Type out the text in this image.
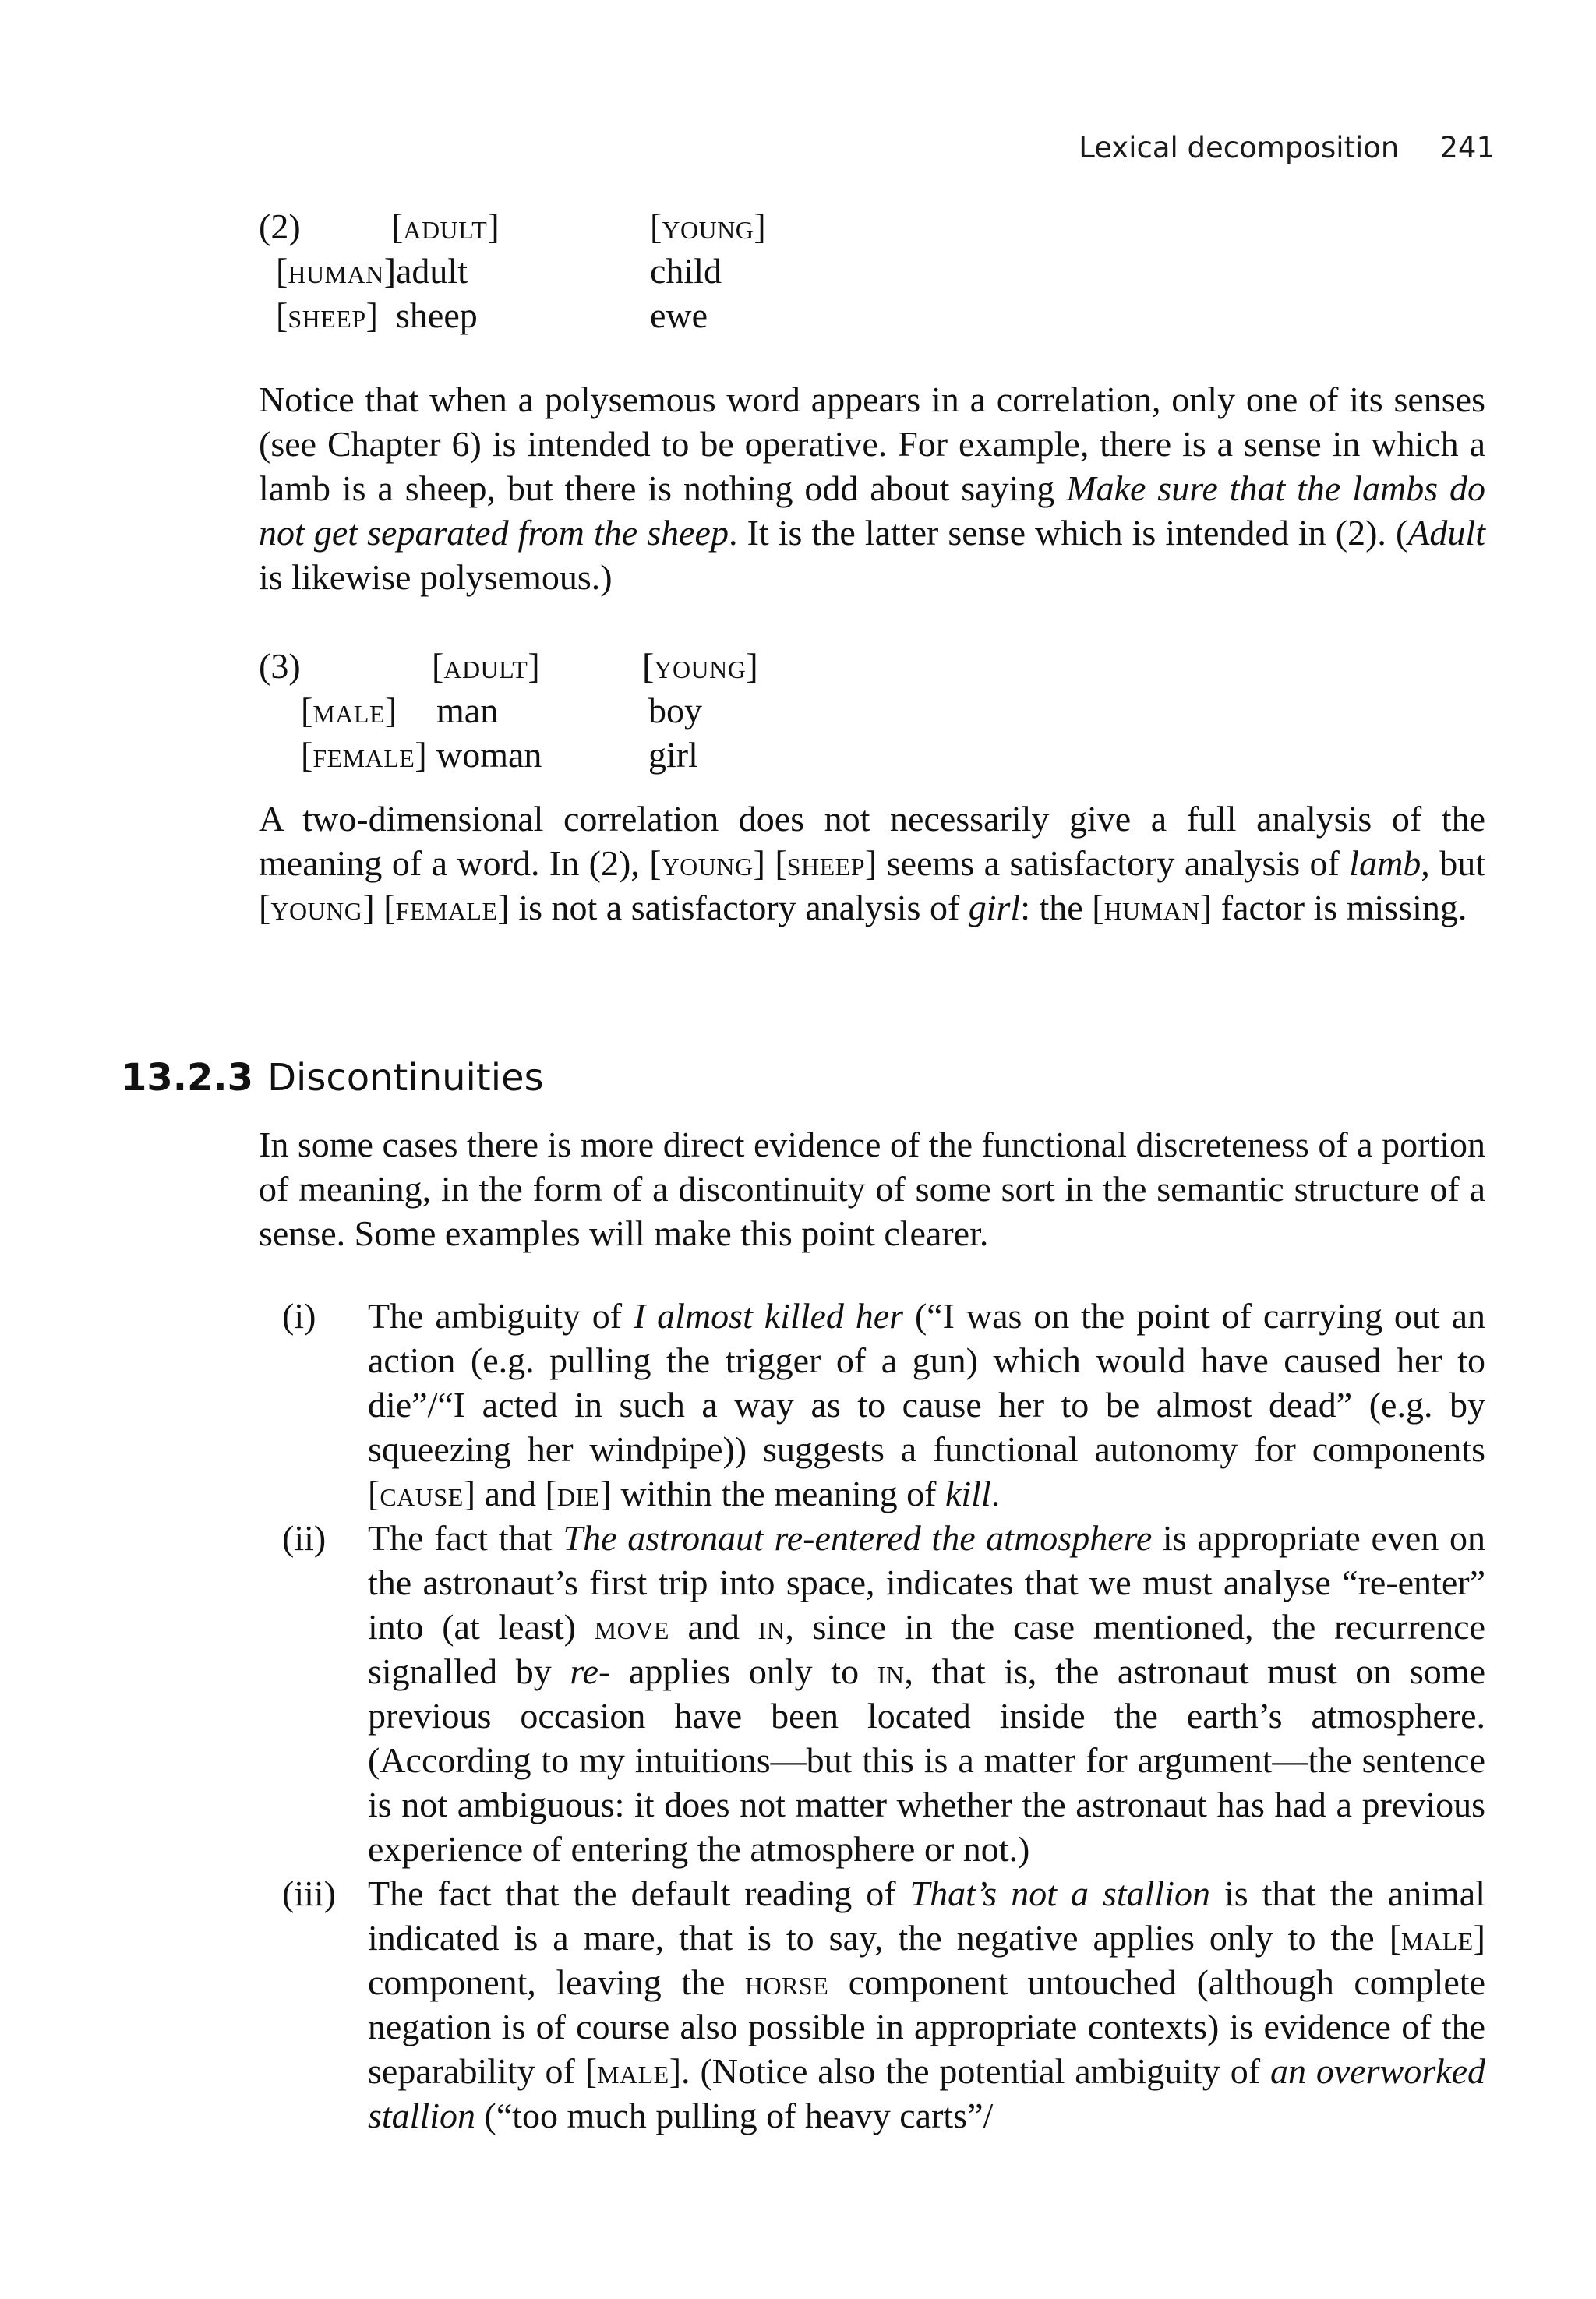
Lexical decomposition 241
(2)	[adult]	[young]
[human] adult	child
[sheep] sheep	ewe

Notice that when a polysemous word appears in a correlation, only one of its senses (see Chapter 6) is intended to be operative. For example, there is a sense in which a lamb is a sheep, but there is nothing odd about saying Make sure that the lambs do not get separated from the sheep. It is the latter sense which is intended in (2). (Adult is likewise polysemous.)

(3)	[adult]	[young]
[male] man	boy
[female] woman	girl

A two-dimensional correlation does not necessarily give a full analysis of the meaning of a word. In (2), [young] [sheep] seems a satisfactory analysis of lamb, but [young] [female] is not a satisfactory analysis of girl: the [human] factor is missing.

13.2.3 Discontinuities

In some cases there is more direct evidence of the functional discreteness of a portion of meaning, in the form of a discontinuity of some sort in the semantic structure of a sense. Some examples will make this point clearer.

(i) The ambiguity of I almost killed her (“I was on the point of carrying out an action (e.g. pulling the trigger of a gun) which would have caused her to die”/“I acted in such a way as to cause her to be almost dead” (e.g. by squeezing her windpipe)) suggests a functional autonomy for components [cause] and [die] within the meaning of kill.

(ii) The fact that The astronaut re-entered the atmosphere is appropriate even on the astronaut’s first trip into space, indicates that we must analyse “re-enter” into (at least) move and in, since in the case mentioned, the recurrence signalled by re- applies only to in, that is, the astronaut must on some previous occasion have been located inside the earth’s atmosphere. (According to my intuitions—but this is a matter for argument—the sentence is not ambiguous: it does not matter whether the astronaut has had a previous experience of entering the atmosphere or not.)

(iii) The fact that the default reading of That’s not a stallion is that the animal indicated is a mare, that is to say, the negative applies only to the [male] component, leaving the horse component untouched (although complete negation is of course also possible in appropriate contexts) is evidence of the separability of [male]. (Notice also the potential ambiguity of an overworked stallion (“too much pulling of heavy carts”/
